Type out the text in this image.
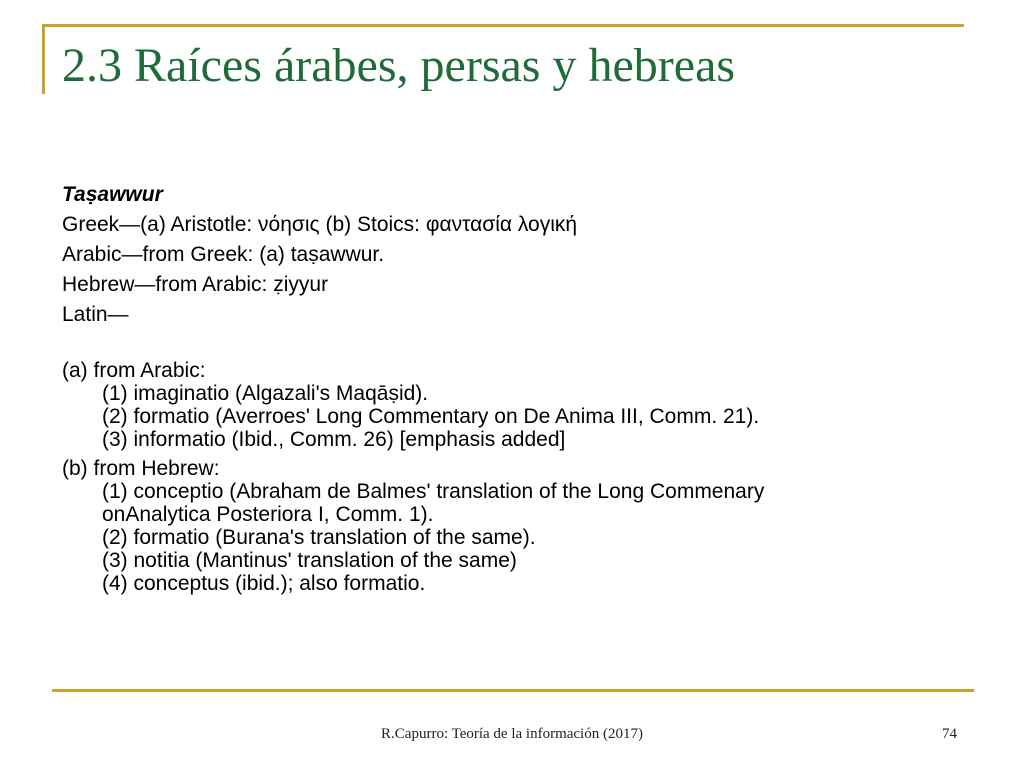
2.3 Raíces árabes, persas y hebreas
Taṣawwur
Greek—(a) Aristotle: νόησις (b) Stoics: φαντασία λογική
Arabic—from Greek: (a) taṣawwur.
Hebrew—from Arabic: ẓiyyur
Latin—
(a) from Arabic:
(1) imaginatio (Algazali's Maqāṣid).
(2) formatio (Averroes' Long Commentary on De Anima III, Comm. 21).
(3) informatio (Ibid., Comm. 26) [emphasis added]
(b) from Hebrew:
(1) conceptio (Abraham de Balmes' translation of the Long Commenary
onAnalytica Posteriora I, Comm. 1).
(2) formatio (Burana's translation of the same).
(3) notitia (Mantinus' translation of the same)
(4) conceptus (ibid.); also formatio.
R.Capurro: Teoría de la información (2017)	74
